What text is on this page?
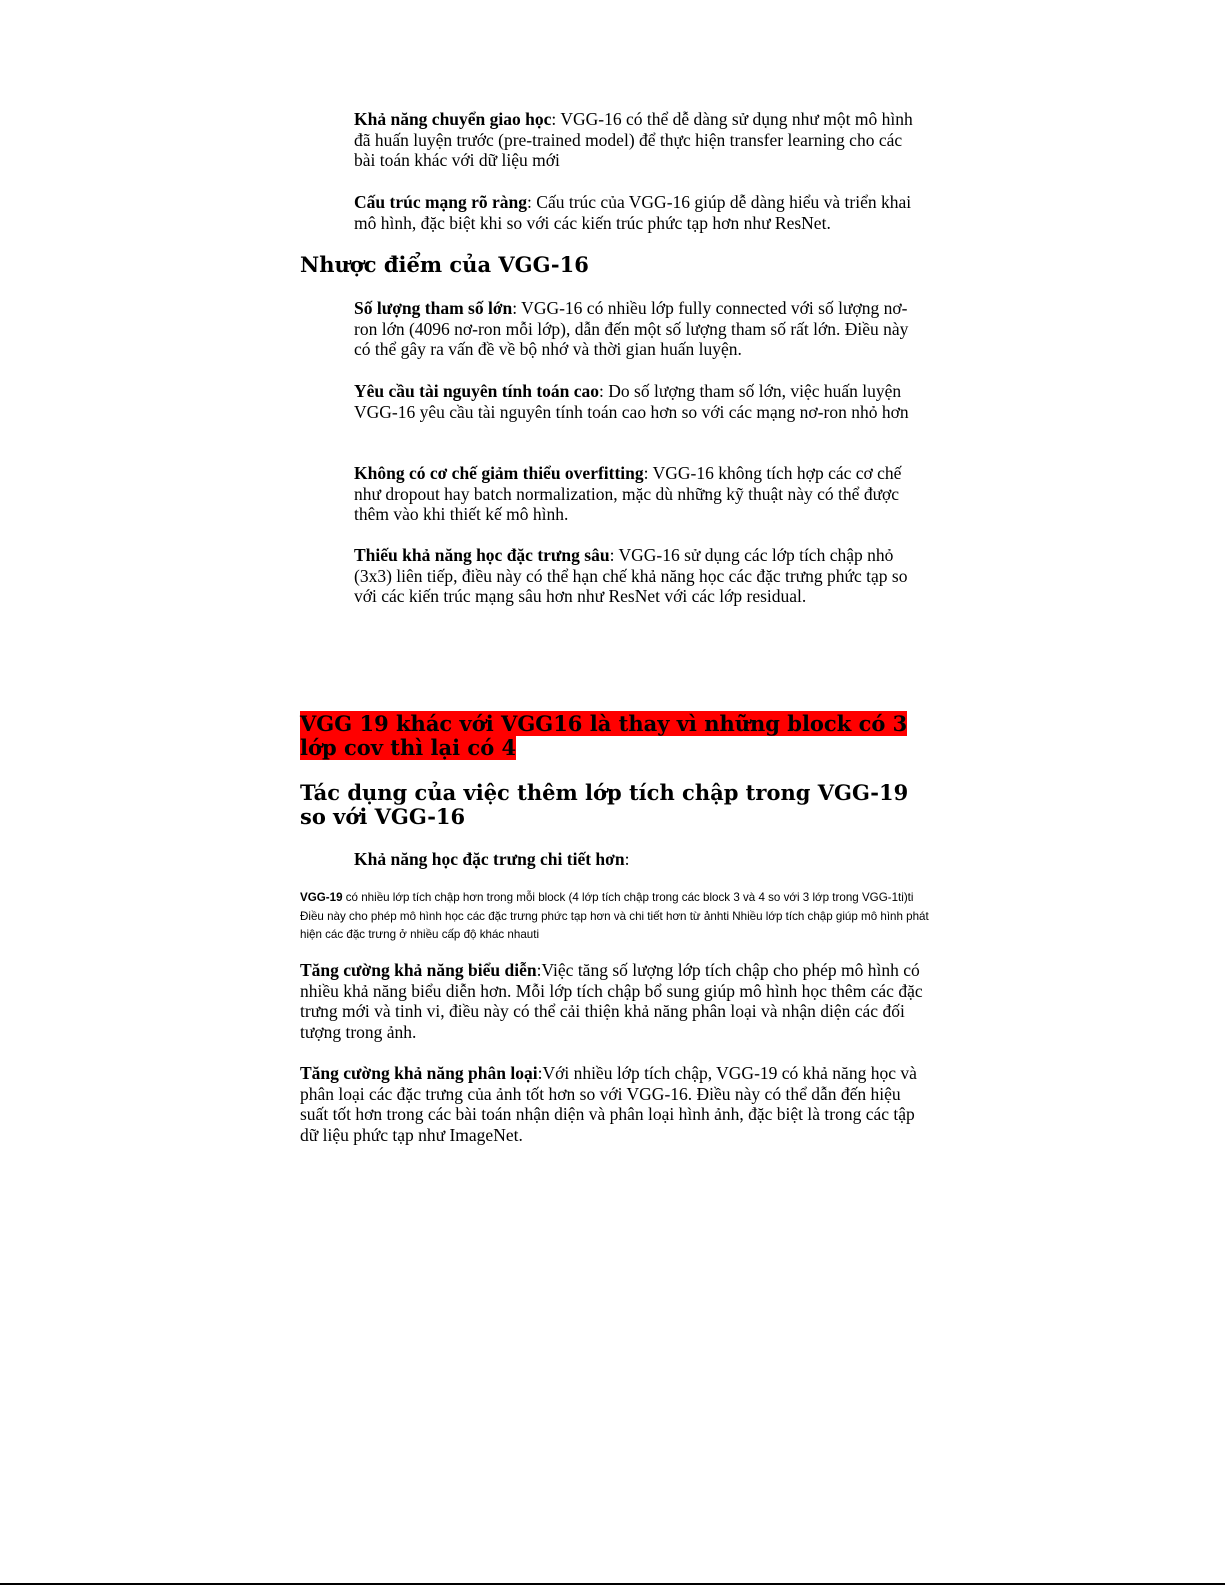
Khả năng chuyển giao học: VGG-16 có thể dễ dàng sử dụng như một mô hình đã huấn luyện trước (pre-trained model) để thực hiện transfer learning cho các bài toán khác với dữ liệu mới

Cấu trúc mạng rõ ràng: Cấu trúc của VGG-16 giúp dễ dàng hiểu và triển khai mô hình, đặc biệt khi so với các kiến trúc phức tạp hơn như ResNet.

Nhược điểm của VGG-16

Số lượng tham số lớn: VGG-16 có nhiều lớp fully connected với số lượng nơ-ron lớn (4096 nơ-ron mỗi lớp), dẫn đến một số lượng tham số rất lớn. Điều này có thể gây ra vấn đề về bộ nhớ và thời gian huấn luyện.

Yêu cầu tài nguyên tính toán cao: Do số lượng tham số lớn, việc huấn luyện VGG-16 yêu cầu tài nguyên tính toán cao hơn so với các mạng nơ-ron nhỏ hơn

Không có cơ chế giảm thiểu overfitting: VGG-16 không tích hợp các cơ chế như dropout hay batch normalization, mặc dù những kỹ thuật này có thể được thêm vào khi thiết kế mô hình.

Thiếu khả năng học đặc trưng sâu: VGG-16 sử dụng các lớp tích chập nhỏ (3x3) liên tiếp, điều này có thể hạn chế khả năng học các đặc trưng phức tạp so với các kiến trúc mạng sâu hơn như ResNet với các lớp residual.

VGG 19 khác với VGG16 là thay vì những block có 3 lớp cov thì lại có 4
Tác dụng của việc thêm lớp tích chập trong VGG-19 so với VGG-16

Khả năng học đặc trưng chi tiết hơn:

VGG-19 có nhiều lớp tích chập hơn trong mỗi block (4 lớp tích chập trong các block 3 và 4 so với 3 lớp trong VGG-1ti)ti Điều này cho phép mô hình học các đặc trưng phức tạp hơn và chi tiết hơn từ ảnhti Nhiều lớp tích chập giúp mô hình phát hiện các đặc trưng ở nhiều cấp độ khác nhauti

Tăng cường khả năng biểu diễn:Việc tăng số lượng lớp tích chập cho phép mô hình có nhiều khả năng biểu diễn hơn. Mỗi lớp tích chập bổ sung giúp mô hình học thêm các đặc trưng mới và tinh vi, điều này có thể cải thiện khả năng phân loại và nhận diện các đối tượng trong ảnh.

Tăng cường khả năng phân loại:Với nhiều lớp tích chập, VGG-19 có khả năng học và phân loại các đặc trưng của ảnh tốt hơn so với VGG-16. Điều này có thể dẫn đến hiệu suất tốt hơn trong các bài toán nhận diện và phân loại hình ảnh, đặc biệt là trong các tập dữ liệu phức tạp như ImageNet.
